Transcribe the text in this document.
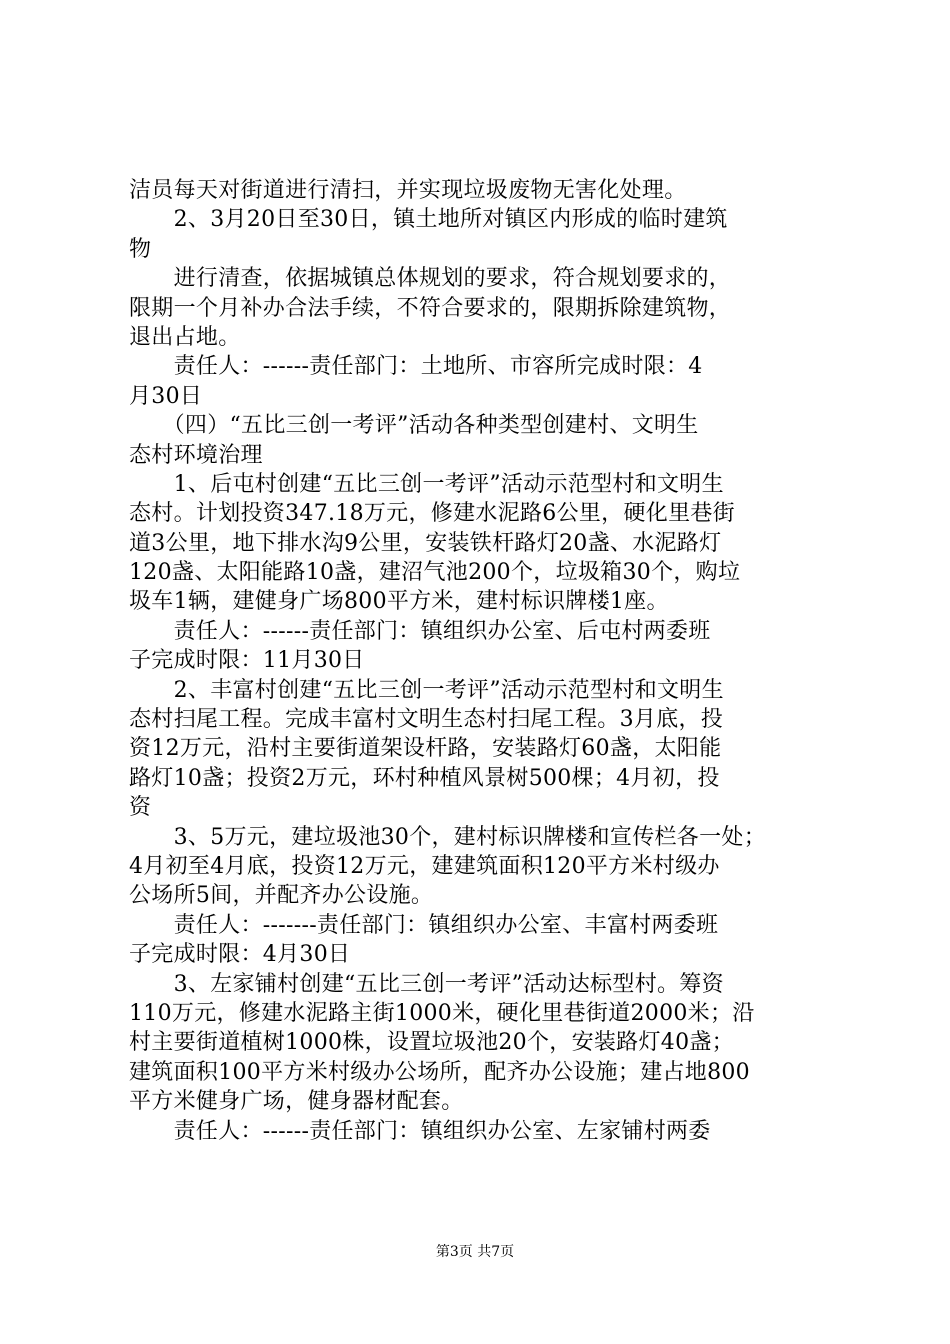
洁员每天对街道进行清扫，并实现垃圾废物无害化处理。
　　2、3月20日至30日，镇土地所对镇区内形成的临时建筑
物
　　进行清查，依据城镇总体规划的要求，符合规划要求的，
限期一个月补办合法手续，不符合要求的，限期拆除建筑物，
退出占地。
　　责任人：------责任部门：土地所、市容所完成时限：4
月30日
　　（四）“五比三创一考评”活动各种类型创建村、文明生
态村环境治理
　　1、后屯村创建“五比三创一考评”活动示范型村和文明生
态村。计划投资347.18万元，修建水泥路6公里，硬化里巷街
道3公里，地下排水沟9公里，安装铁杆路灯20盏、水泥路灯
120盏、太阳能路10盏，建沼气池200个，垃圾箱30个，购垃
圾车1辆，建健身广场800平方米，建村标识牌楼1座。
　　责任人：------责任部门：镇组织办公室、后屯村两委班
子完成时限：11月30日
　　2、丰富村创建“五比三创一考评”活动示范型村和文明生
态村扫尾工程。完成丰富村文明生态村扫尾工程。3月底，投
资12万元，沿村主要街道架设杆路，安装路灯60盏，太阳能
路灯10盏；投资2万元，环村种植风景树500棵；4月初，投
资
　　3、5万元，建垃圾池30个，建村标识牌楼和宣传栏各一处；
4月初至4月底，投资12万元，建建筑面积120平方米村级办
公场所5间，并配齐办公设施。
　　责任人：-------责任部门：镇组织办公室、丰富村两委班
子完成时限：4月30日
　　3、左家铺村创建“五比三创一考评”活动达标型村。筹资
110万元，修建水泥路主街1000米，硬化里巷街道2000米；沿
村主要街道植树1000株，设置垃圾池20个，安装路灯40盏；
建筑面积100平方米村级办公场所，配齐办公设施；建占地800
平方米健身广场，健身器材配套。
　　责任人：------责任部门：镇组织办公室、左家铺村两委
第3页 共7页
